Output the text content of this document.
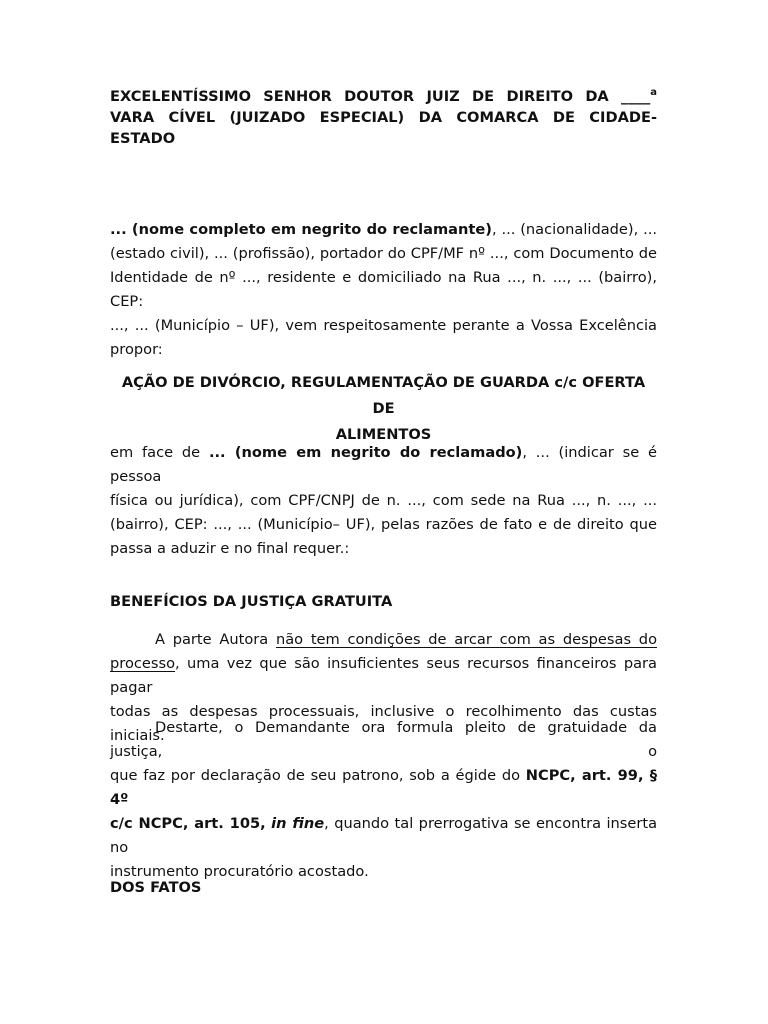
EXCELENTÍSSIMO SENHOR DOUTOR JUIZ DE DIREITO DA ____$^a$
VARA CÍVEL (JUIZADO ESPECIAL) DA COMARCA DE CIDADE-ESTADO
... (nome completo em negrito do reclamante), ... (nacionalidade), ...
(estado civil), ... (profissão), portador do CPF/MF nº ..., com Documento de
Identidade de nº ..., residente e domiciliado na Rua ..., n. ..., ... (bairro), CEP:
..., ... (Município – UF), vem respeitosamente perante a Vossa Excelência
propor:
AÇÃO DE DIVÓRCIO, REGULAMENTAÇÃO DE GUARDA c/c OFERTA DE
ALIMENTOS
em face de ... (nome em negrito do reclamado), ... (indicar se é pessoa
física ou jurídica), com CPF/CNPJ de n. ..., com sede na Rua ..., n. ..., ...
(bairro), CEP: ..., ... (Município– UF), pelas razões de fato e de direito que
passa a aduzir e no final requer.:
BENEFÍCIOS DA JUSTIÇA GRATUITA
A parte Autora não tem condições de arcar com as despesas do
processo, uma vez que são insuficientes seus recursos financeiros para pagar
todas as despesas processuais, inclusive o recolhimento das custas iniciais.
Destarte, o Demandante ora formula pleito de gratuidade da justiça, o
que faz por declaração de seu patrono, sob a égide do NCPC, art. 99, § 4º
c/c NCPC, art. 105, in fine, quando tal prerrogativa se encontra inserta no
instrumento procuratório acostado.
DOS FATOS
